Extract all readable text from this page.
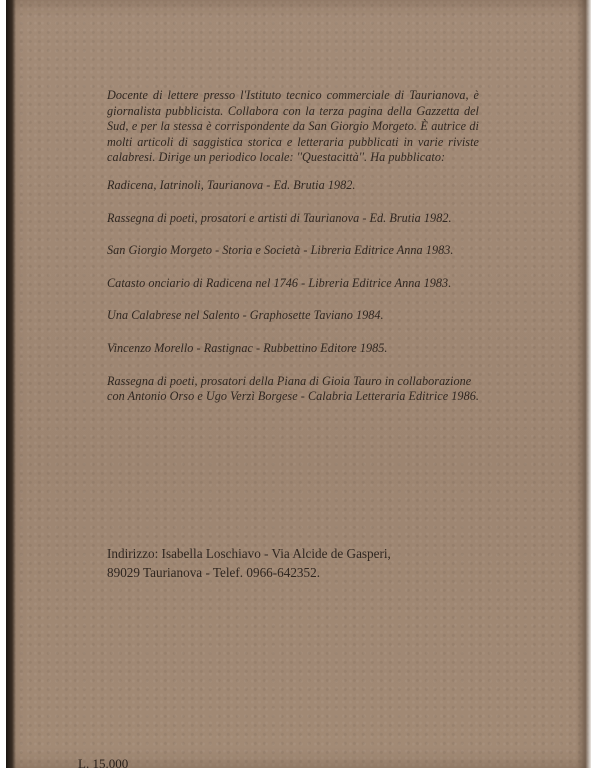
Docente di lettere presso l'Istituto tecnico commerciale di Taurianova, è giornalista pubblicista. Collabora con la terza pagina della Gazzetta del Sud, e per la stessa è corrispondente da San Giorgio Morgeto. È autrice di molti articoli di saggistica storica e letteraria pubblicati in varie riviste calabresi. Dirige un periodico locale: ''Questacittà''. Ha pubblicato:

Radicena, Iatrinoli, Taurianova - Ed. Brutia 1982.

Rassegna di poeti, prosatori e artisti di Taurianova - Ed. Brutia 1982.

San Giorgio Morgeto - Storia e Società - Libreria Editrice Anna 1983.

Catasto onciario di Radicena nel 1746 - Libreria Editrice Anna 1983.

Una Calabrese nel Salento - Graphosette Taviano 1984.

Vincenzo Morello - Rastignac - Rubbettino Editore 1985.

Rassegna di poeti, prosatori della Piana di Gioia Tauro in collaborazione con Antonio Orso e Ugo Verzì Borgese - Calabria Letteraria Editrice 1986.

Indirizzo: Isabella Loschiavo - Via Alcide de Gasperi,
89029 Taurianova - Telef. 0966-642352.
L. 15.000
